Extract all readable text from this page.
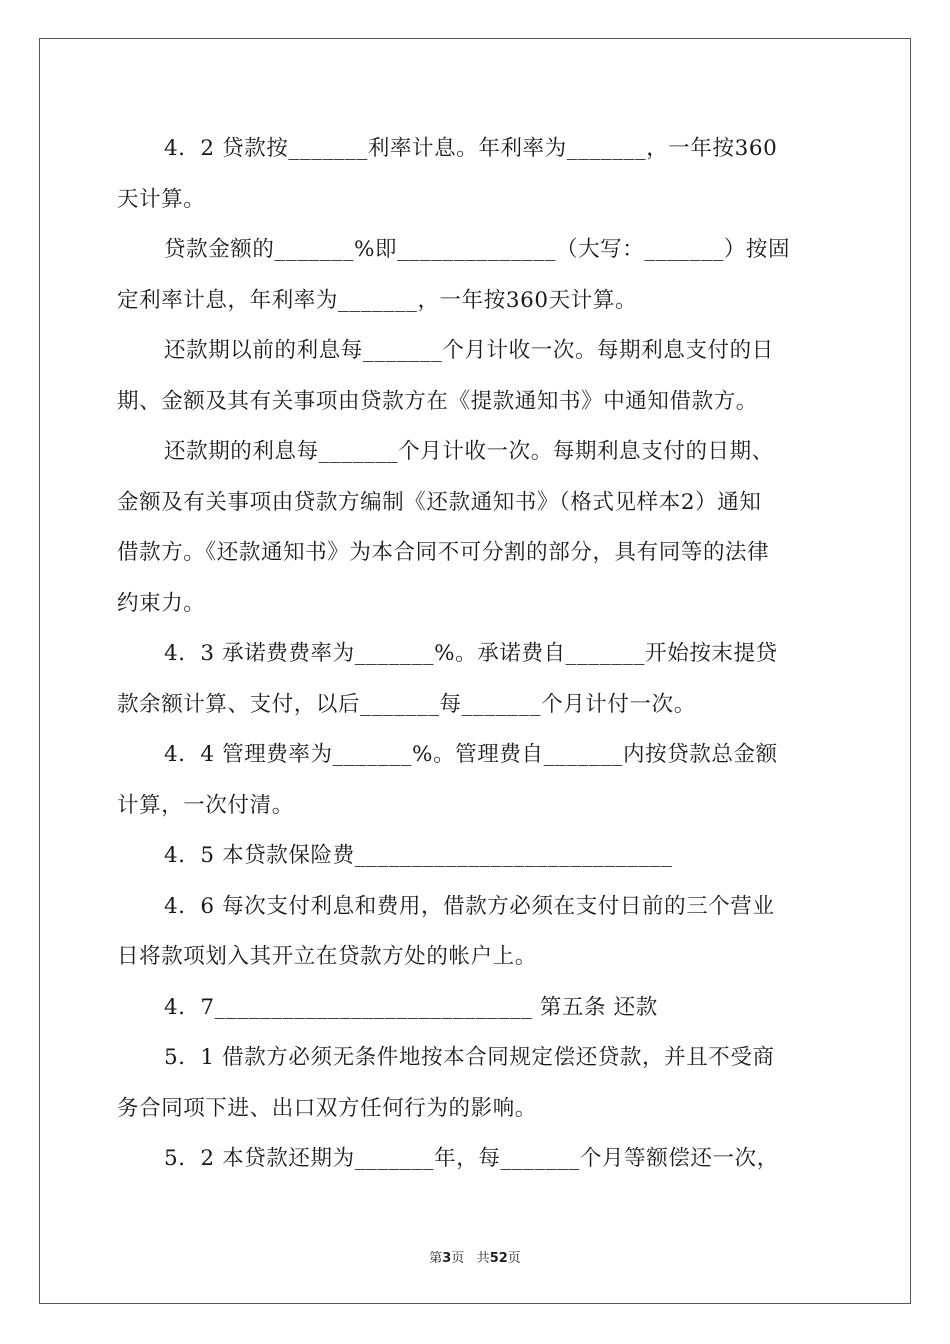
4．2 贷款按_______利率计息。年利率为_______，一年按360
天计算。
贷款金额的_______%即______________（大写：_______）按固
定利率计息，年利率为_______，一年按360天计算。
还款期以前的利息每_______个月计收一次。每期利息支付的日
期、金额及其有关事项由贷款方在《提款通知书》中通知借款方。
还款期的利息每_______个月计收一次。每期利息支付的日期、
金额及有关事项由贷款方编制《还款通知书》（格式见样本2）通知
借款方。《还款通知书》为本合同不可分割的部分，具有同等的法律
约束力。
4．3 承诺费费率为_______%。承诺费自_______开始按末提贷
款余额计算、支付，以后_______每_______个月计付一次。
4．4 管理费率为_______%。管理费自_______内按贷款总金额
计算，一次付清。
4．5 本贷款保险费____________________________
4．6 每次支付利息和费用，借款方必须在支付日前的三个营业
日将款项划入其开立在贷款方处的帐户上。
4．7____________________________ 第五条 还款
5．1 借款方必须无条件地按本合同规定偿还贷款，并且不受商
务合同项下进、出口双方任何行为的影响。
5．2 本贷款还期为_______年，每_______个月等额偿还一次，
第3页 共52页
